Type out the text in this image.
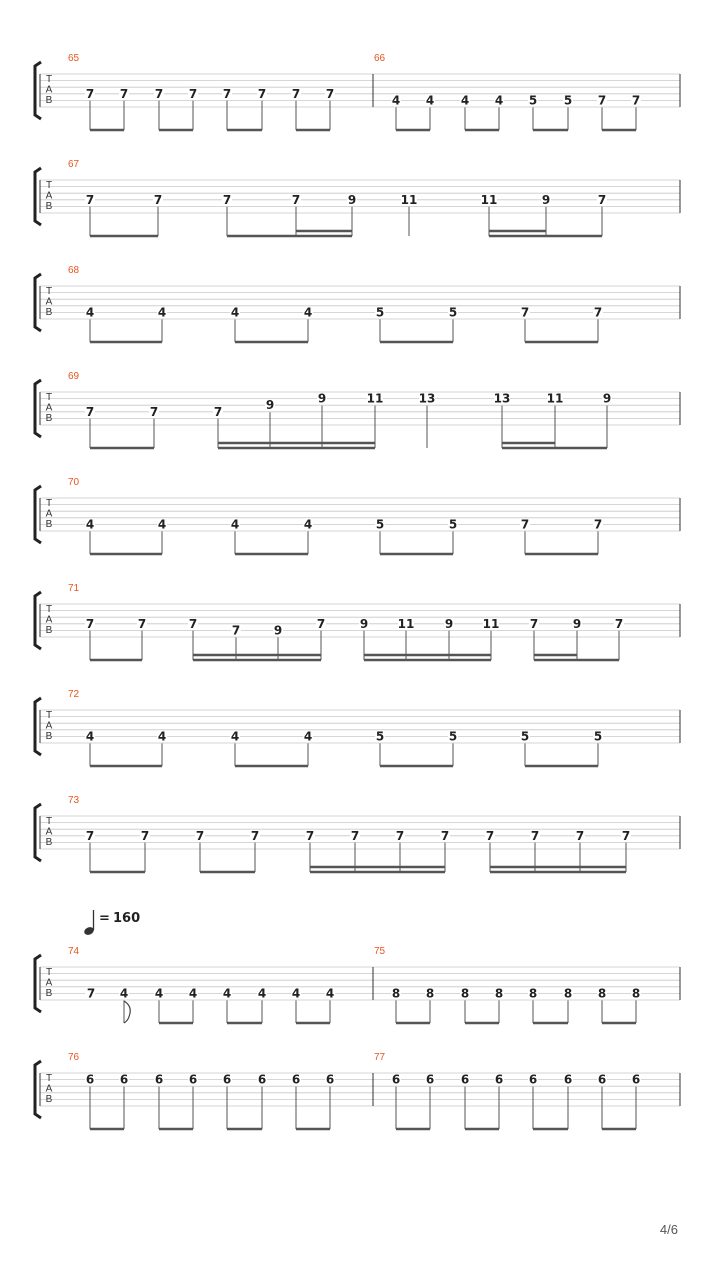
T
A
B
65
7 7 7 7 7 7 7 7
66
4 4 4 4 5 5 7 7
T
A
B
67
7	7	7	7	9	11	11	9	7
T
A
B
68
4	4	4	4	5	5	7	7
T
A
B
69
7	7	7	9	9	11	13	13	11	9
T
A
B
70
4	4	4	4	5	5	7	7
T
A
B
71
7	7	7	7	9	7	9 11	9 11	7	9	7
T
A
B
72
4	4	4	4	5	5	5	5
T
A
B
73
7	7	7	7	7	7	7	7	7	7	7	7
T
A
B
74
7 4 4 4 4 4 4 4
75
8 8 8 8 8 8 8 8
= 160
T
A
B
76
6 6 6 6 6 6 6 6
77
6 6 6 6 6 6 6 6
4/6
